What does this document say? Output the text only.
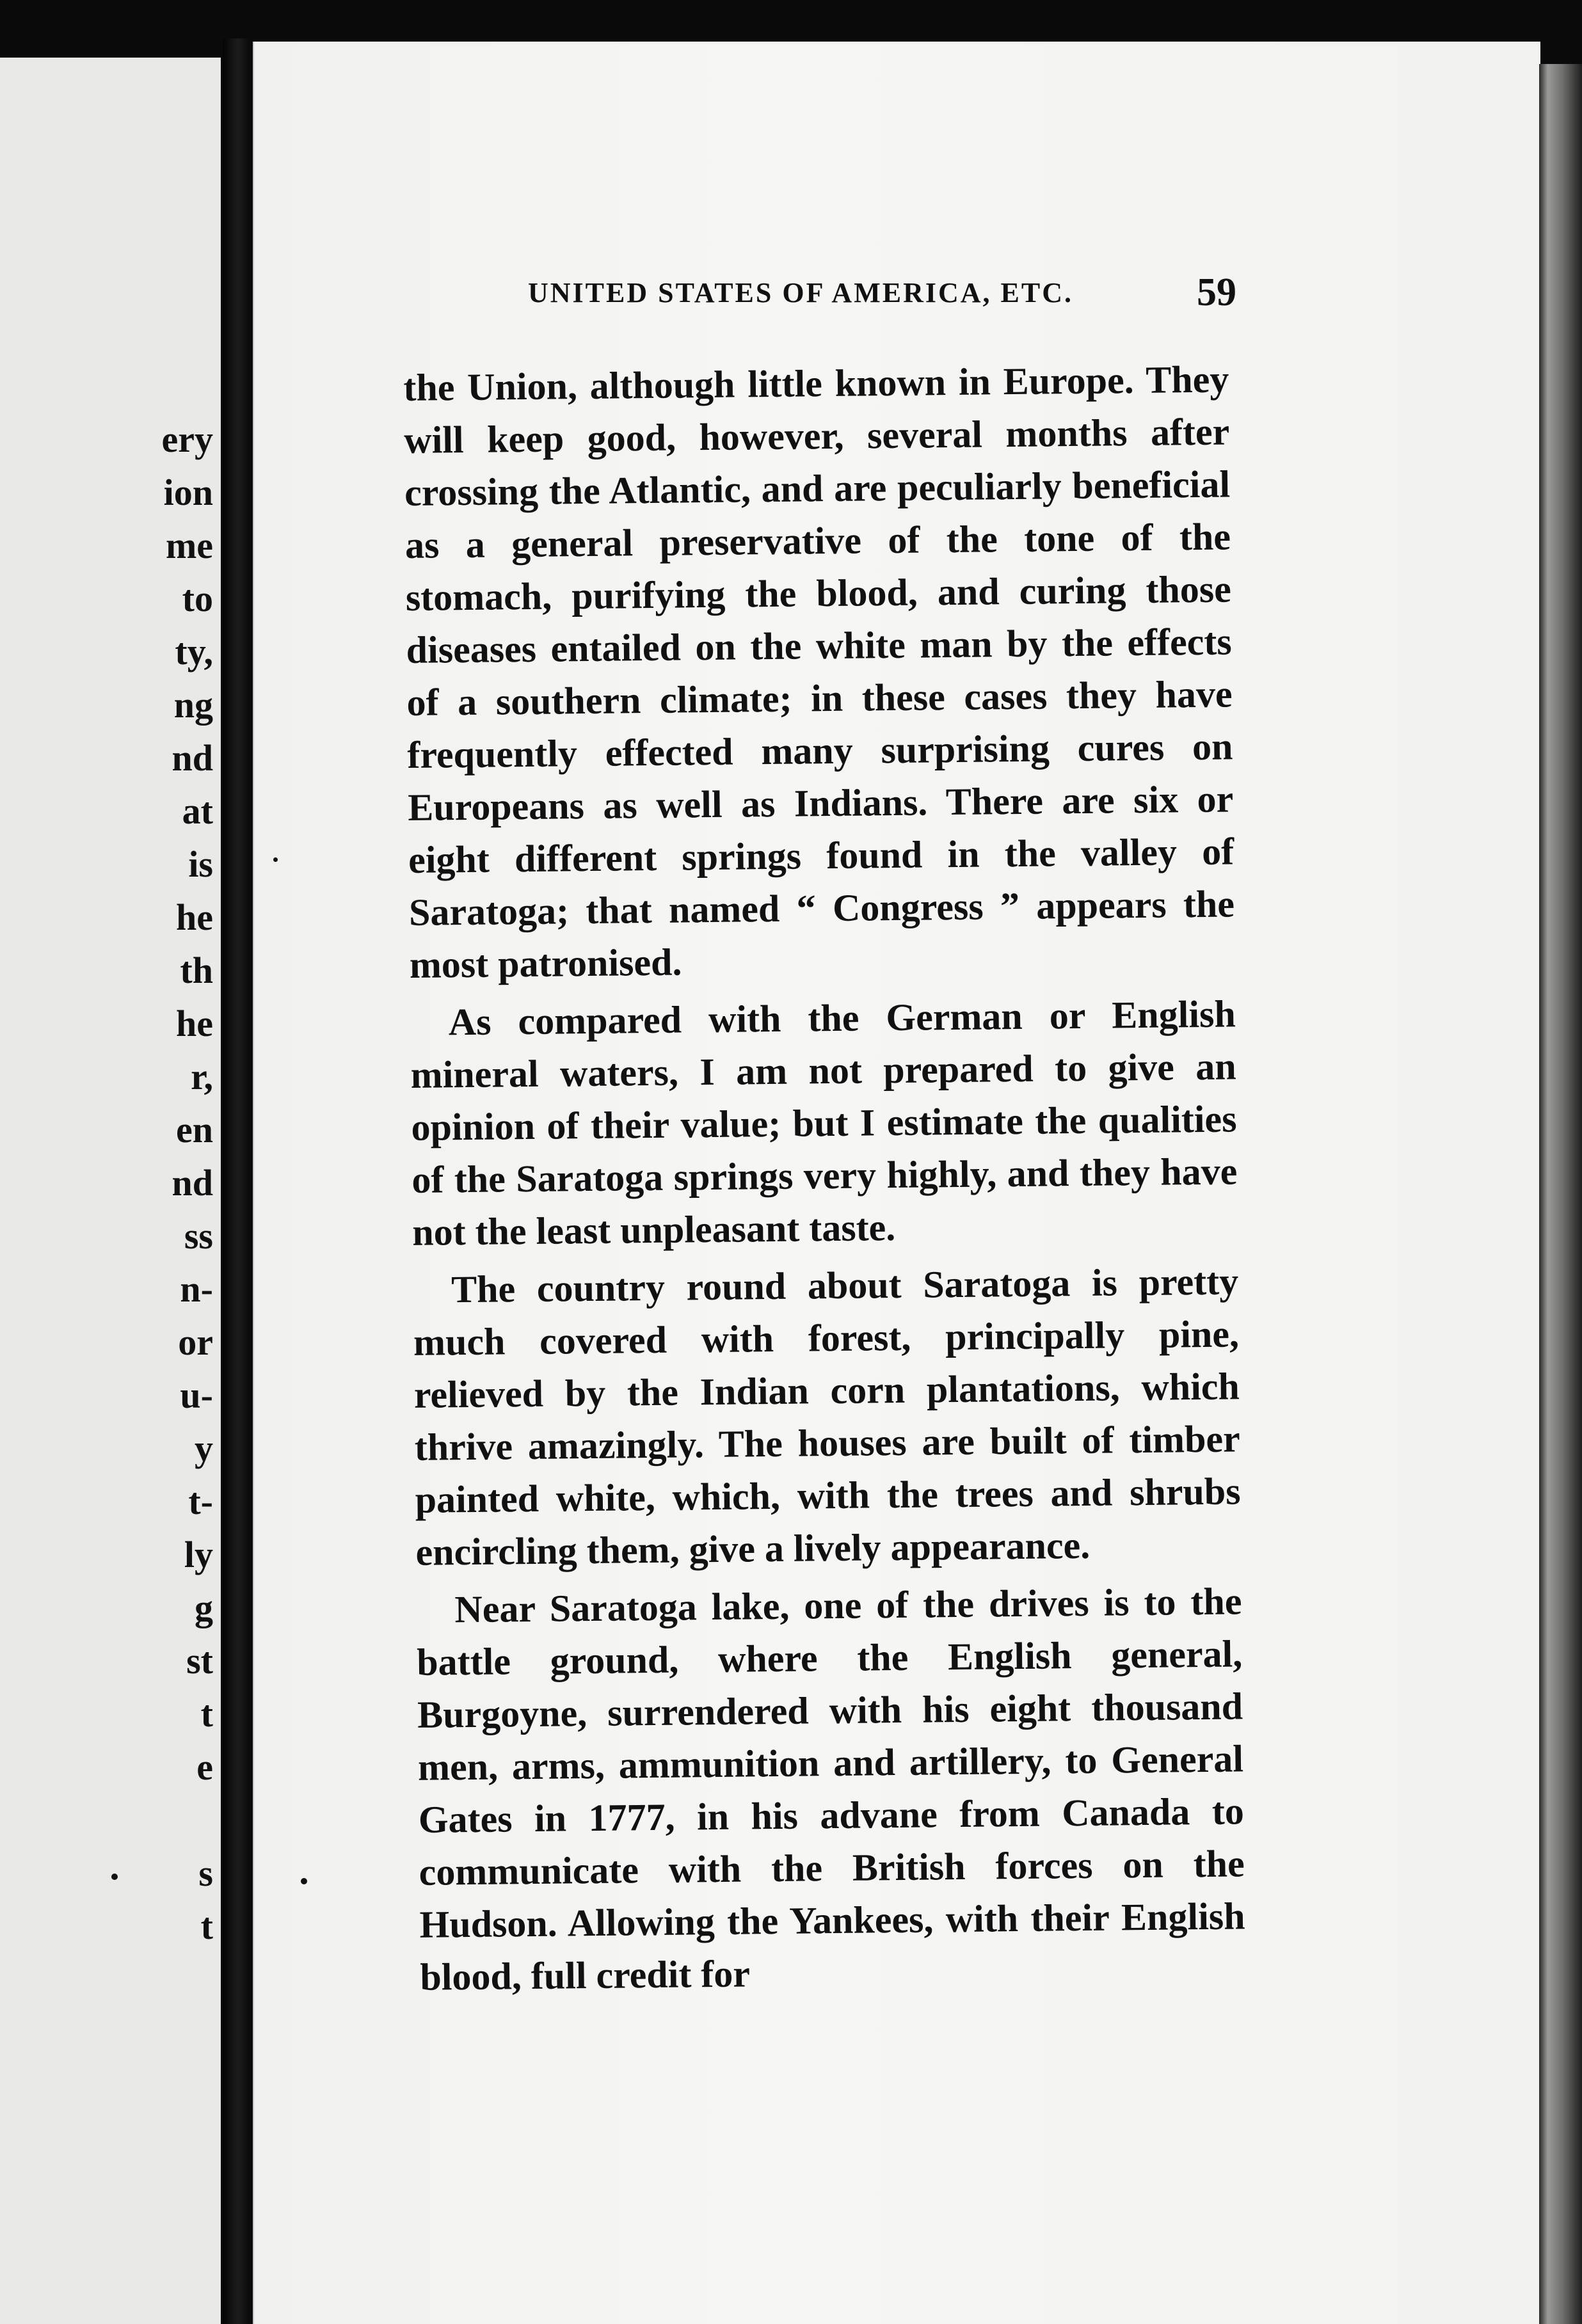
ery
ion
me
to
ty,
ng
nd
at
is
he
th
he
r,
en
nd
ss
n-
or
u-
y
t-
ly
g
st
t
e

s
t
UNITED STATES OF AMERICA, ETC.	59

the Union, although little known in Europe. They will keep good, however, several months after crossing the Atlantic, and are peculiarly beneficial as a general preservative of the tone of the stomach, purifying the blood, and curing those diseases entailed on the white man by the effects of a southern climate; in these cases they have frequently effected many surprising cures on Europeans as well as Indians. There are six or eight different springs found in the valley of Saratoga; that named “ Congress ” appears the most patronised.

As compared with the German or English mineral waters, I am not prepared to give an opinion of their value; but I estimate the qualities of the Saratoga springs very highly, and they have not the least unpleasant taste.

The country round about Saratoga is pretty much covered with forest, principally pine, relieved by the Indian corn plantations, which thrive amazingly. The houses are built of timber painted white, which, with the trees and shrubs encircling them, give a lively appearance.

Near Saratoga lake, one of the drives is to the battle ground, where the English general, Burgoyne, surrendered with his eight thousand men, arms, ammunition and artillery, to General Gates in 1777, in his advane from Canada to communicate with the British forces on the Hudson. Allowing the Yankees, with their English blood, full credit for
